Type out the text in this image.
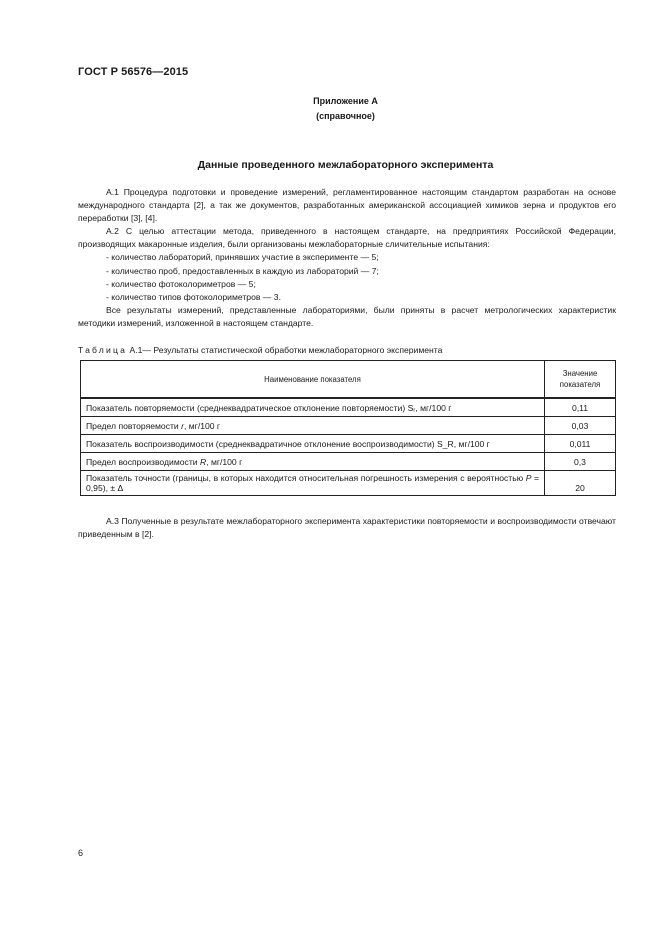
ГОСТ Р 56576—2015
Приложение А
(справочное)
Данные проведенного межлабораторного эксперимента

А.1 Процедура подготовки и проведение измерений, регламентированное настоящим стандартом разработан на основе международного стандарта [2], а так же документов, разработанных американской ассоциацией химиков зерна и продуктов его переработки [3], [4].

А.2 С целью аттестации метода, приведенного в настоящем стандарте, на предприятиях Российской Федерации, производящих макаронные изделия, были организованы межлабораторные сличительные испытания:

- количество лабораторий, принявших участие в эксперименте — 5;

- количество проб, предоставленных в каждую из лабораторий — 7;

- количество фотоколориметров — 5;

- количество типов фотоколориметров — 3.

Все результаты измерений, представленные лабораториями, были приняты в расчет метрологических характеристик методики измерений, изложенной в настоящем стандарте.

Таблица А.1— Результаты статистической обработки межлабораторного эксперимента
Наименование показателя	Значение показателя
Показатель повторяемости (среднеквадратическое отклонение повторяемости) Sᵣ, мг/100 г	0,11
Предел повторяемости r, мг/100 г	0,03
Показатель воспроизводимости (среднеквадратичное отклонение воспроизводимости) S_R, мг/100 г	0,011
Предел воспроизводимости R, мг/100 г	0,3
Показатель точности (границы, в которых находится относительная погрешность измерения с вероятностью P = 0,95), ± Δ	20

А.3 Полученные в результате межлабораторного эксперимента характеристики повторяемости и воспроизводимости отвечают приведенным в [2].

6
